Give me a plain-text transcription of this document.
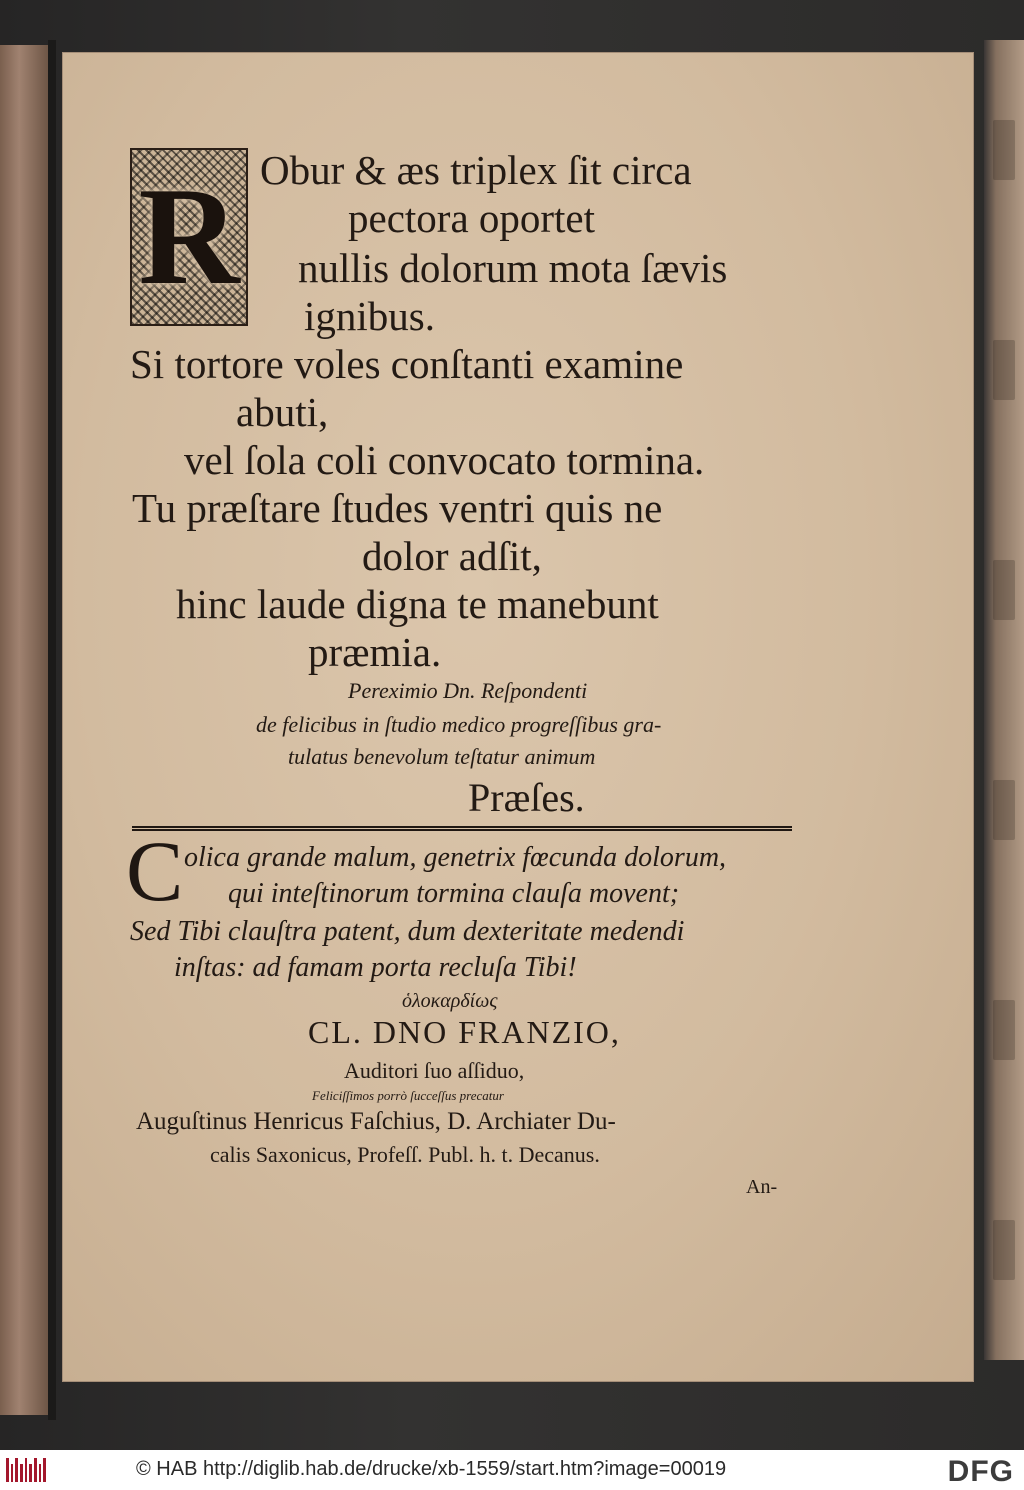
R Obur & æs triplex ſit circa
pectora oportet
nullis dolorum mota ſævis
ignibus.
Si tortore voles conſtanti examine
abuti,
vel ſola coli convocato tormina.
Tu præſtare ſtudes ventri quis ne
dolor adſit,
hinc laude digna te manebunt
præmia.
Pereximio Dn. Reſpondenti
de felicibus in ſtudio medico progreſſibus gra-
tulatus benevolum teſtatur animum
Præſes.
C olica grande malum, genetrix fœcunda dolorum,
qui inteſtinorum tormina clauſa movent;
Sed Tibi clauſtra patent, dum dexteritate medendi
inſtas: ad famam porta recluſa Tibi!
ὁλοκαρδίως
CL. DNO FRANZIO,
Auditori ſuo aſſiduo,
Feliciſſimos porrò ſucceſſus precatur
Auguſtinus Henricus Faſchius, D. Archiater Du-
calis Saxonicus, Profeſſ. Publ. h. t. Decanus.
An-
© HAB http://diglib.hab.de/drucke/xb-1559/start.htm?image=00019	DFG
